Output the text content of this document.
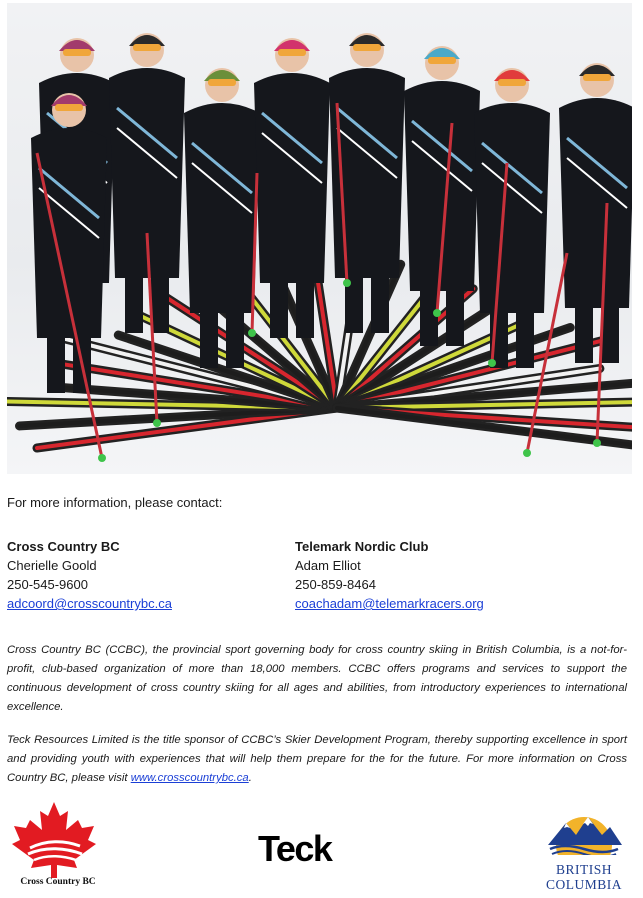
For more information, please contact:

Cross Country BC
Cherielle Goold
250-545-9600
adcoord@crosscountrybc.ca
Telemark Nordic Club
Adam Elliot
250-859-8464
coachadam@telemarkracers.org

Cross Country BC (CCBC), the provincial sport governing body for cross country skiing in British Columbia, is a not-for-profit, club-based organization of more than 18,000 members. CCBC offers programs and services to support the continuous development of cross country skiing for all ages and abilities, from introductory experiences to international excellence.

Teck Resources Limited is the title sponsor of CCBC’s Skier Development Program, thereby supporting excellence in sport and providing youth with experiences that will help them prepare for the for the future. For more information on Cross Country BC, please visit www.crosscountrybc.ca.

Cross Country BC
Teck
BRITISH
COLUMBIA
